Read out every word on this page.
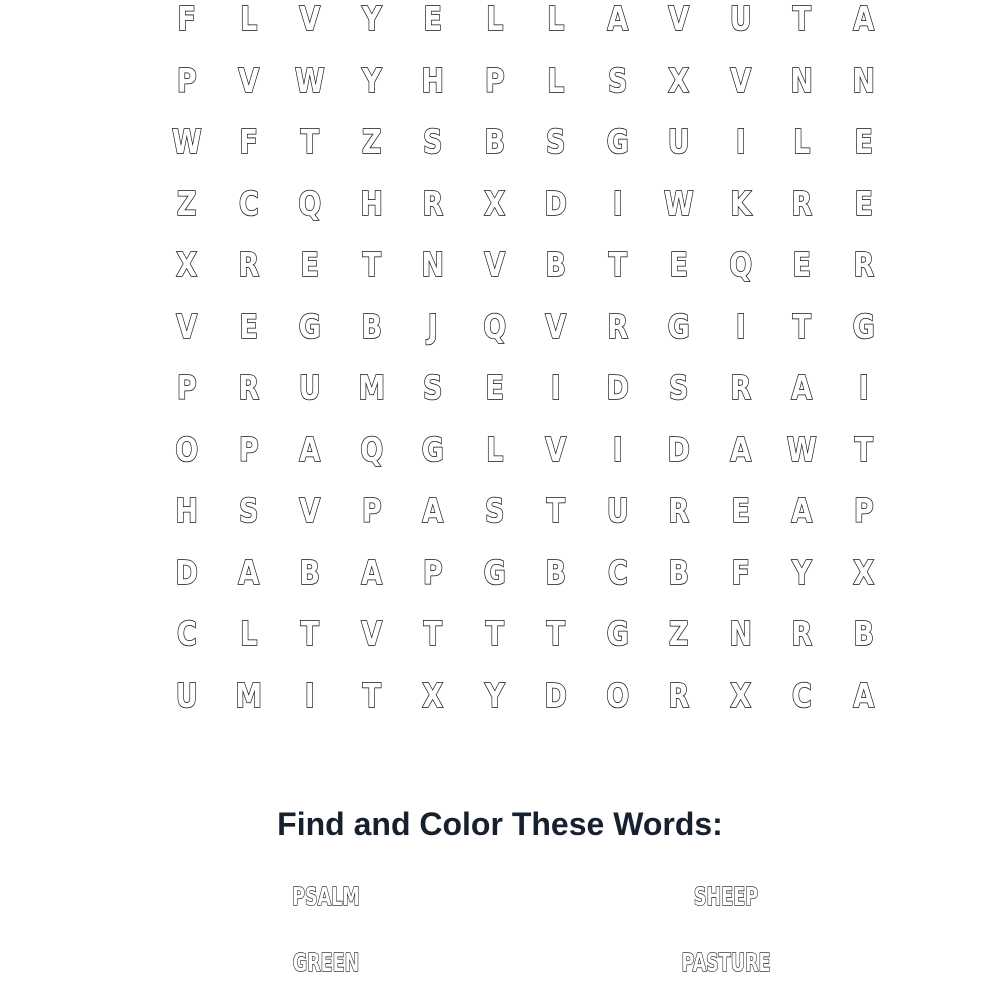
F	L	V	Y	E	L	L	A	V	U	T	A
P	V	W	Y	H	P	L	S	X	V	N	N
W	F	T	Z	S	B	S	G	U	I	L	E
Z	C	Q	H	R	X	D	I	W	K	R	E
X	R	E	T	N	V	B	T	E	Q	E	R
V	E	G	B	J	Q	V	R	G	I	T	G
P	R	U	M	S	E	I	D	S	R	A	I
O	P	A	Q	G	L	V	I	D	A	W	T
H	S	V	P	A	S	T	U	R	E	A	P
D	A	B	A	P	G	B	C	B	F	Y	X
C	L	T	V	T	T	T	G	Z	N	R	B
U	M	I	T	X	Y	D	O	R	X	C	A
Find and Color These Words:
PSALM	SHEEP
GREEN	PASTURE
